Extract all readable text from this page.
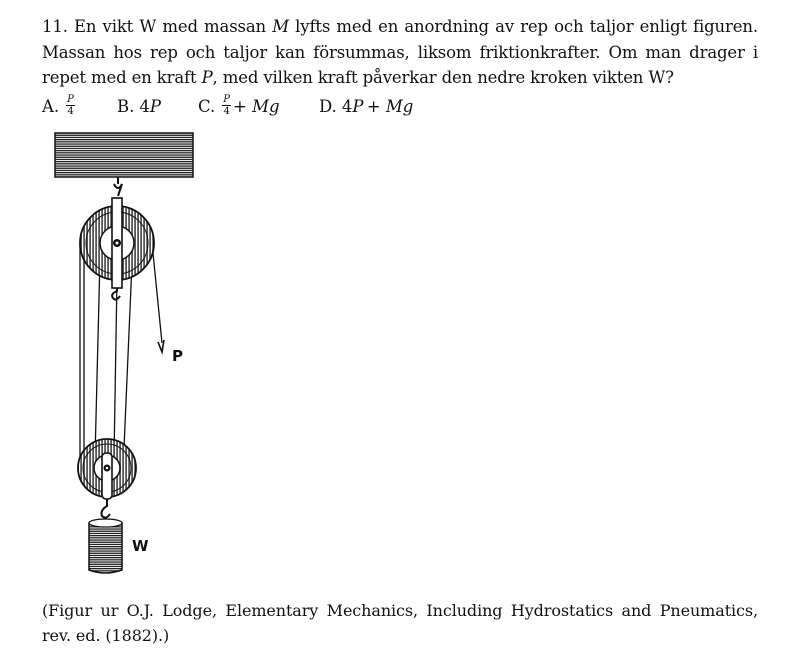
11. En vikt W med massan M lyfts med en anordning av rep och taljor enligt figuren. Massan hos rep och taljor kan försummas, liksom friktionkrafter. Om man drager i repet med en kraft P, med vilken kraft påverkar den nedre kroken vikten W?
A. $\frac{P}{4}$	B. 4 P C. $\frac{P}{4} + Mg$ D. 4 P
  + Mg
P
W
(Figur ur O.J. Lodge, Elementary Mechanics, Including Hydrostatics and Pneumatics, rev. ed. (1882).)
